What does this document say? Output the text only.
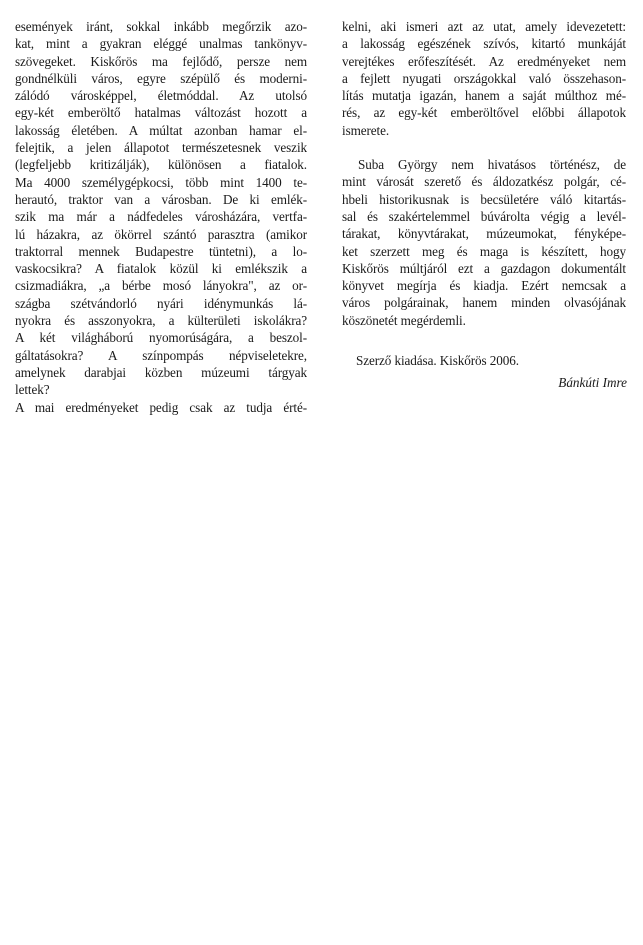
események iránt, sokkal inkább megőrzik azo-
kat, mint a gyakran eléggé unalmas tankönyv-
szövegeket. Kiskőrös ma fejlődő, persze nem
gondnélküli város, egyre szépülő és moderni-
zálódó városképpel, életmóddal. Az utolsó
egy-két emberöltő hatalmas változást hozott a
lakosság életében. A múltat azonban hamar el-
felejtik, a jelen állapotot természetesnek veszik
(legfeljebb kritizálják), különösen a fiatalok.
Ma 4000 személygépkocsi, több mint 1400 te-
herautó, traktor van a városban. De ki emlék-
szik ma már a nádfedeles városházára, vertfa-
lú házakra, az ökörrel szántó parasztra (amikor
traktorral mennek Budapestre tüntetni), a lo-
vaskocsikra? A fiatalok közül ki emlékszik a
csizmadiákra, „a bérbe mosó lányokra", az or-
szágba szétvándorló nyári idénymunkás lá-
nyokra és asszonyokra, a külterületi iskolákra?
A két világháború nyomorúságára, a beszol-
gáltatásokra? A színpompás népviseletekre,
amelynek darabjai közben múzeumi tárgyak
lettek?
A mai eredményeket pedig csak az tudja érté-
kelni, aki ismeri azt az utat, amely idevezetett:
a lakosság egészének szívós, kitartó munkáját
verejtékes erőfeszítését. Az eredményeket nem
a fejlett nyugati országokkal való összehason-
lítás mutatja igazán, hanem a saját múlthoz mé-
rés, az egy-két emberöltővel előbbi állapotok
ismerete.
Suba György nem hivatásos történész, de
mint városát szerető és áldozatkész polgár, cé-
hbeli historikusnak is becsületére váló kitartás-
sal és szakértelemmel búvárolta végig a levél-
tárakat, könyvtárakat, múzeumokat, fényképe-
ket szerzett meg és maga is készített, hogy
Kiskőrös múltjáról ezt a gazdagon dokumentált
könyvet megírja és kiadja. Ezért nemcsak a
város polgárainak, hanem minden olvasójának
köszönetét megérdemli.
Szerző kiadása. Kiskőrös 2006.
Bánkúti Imre
